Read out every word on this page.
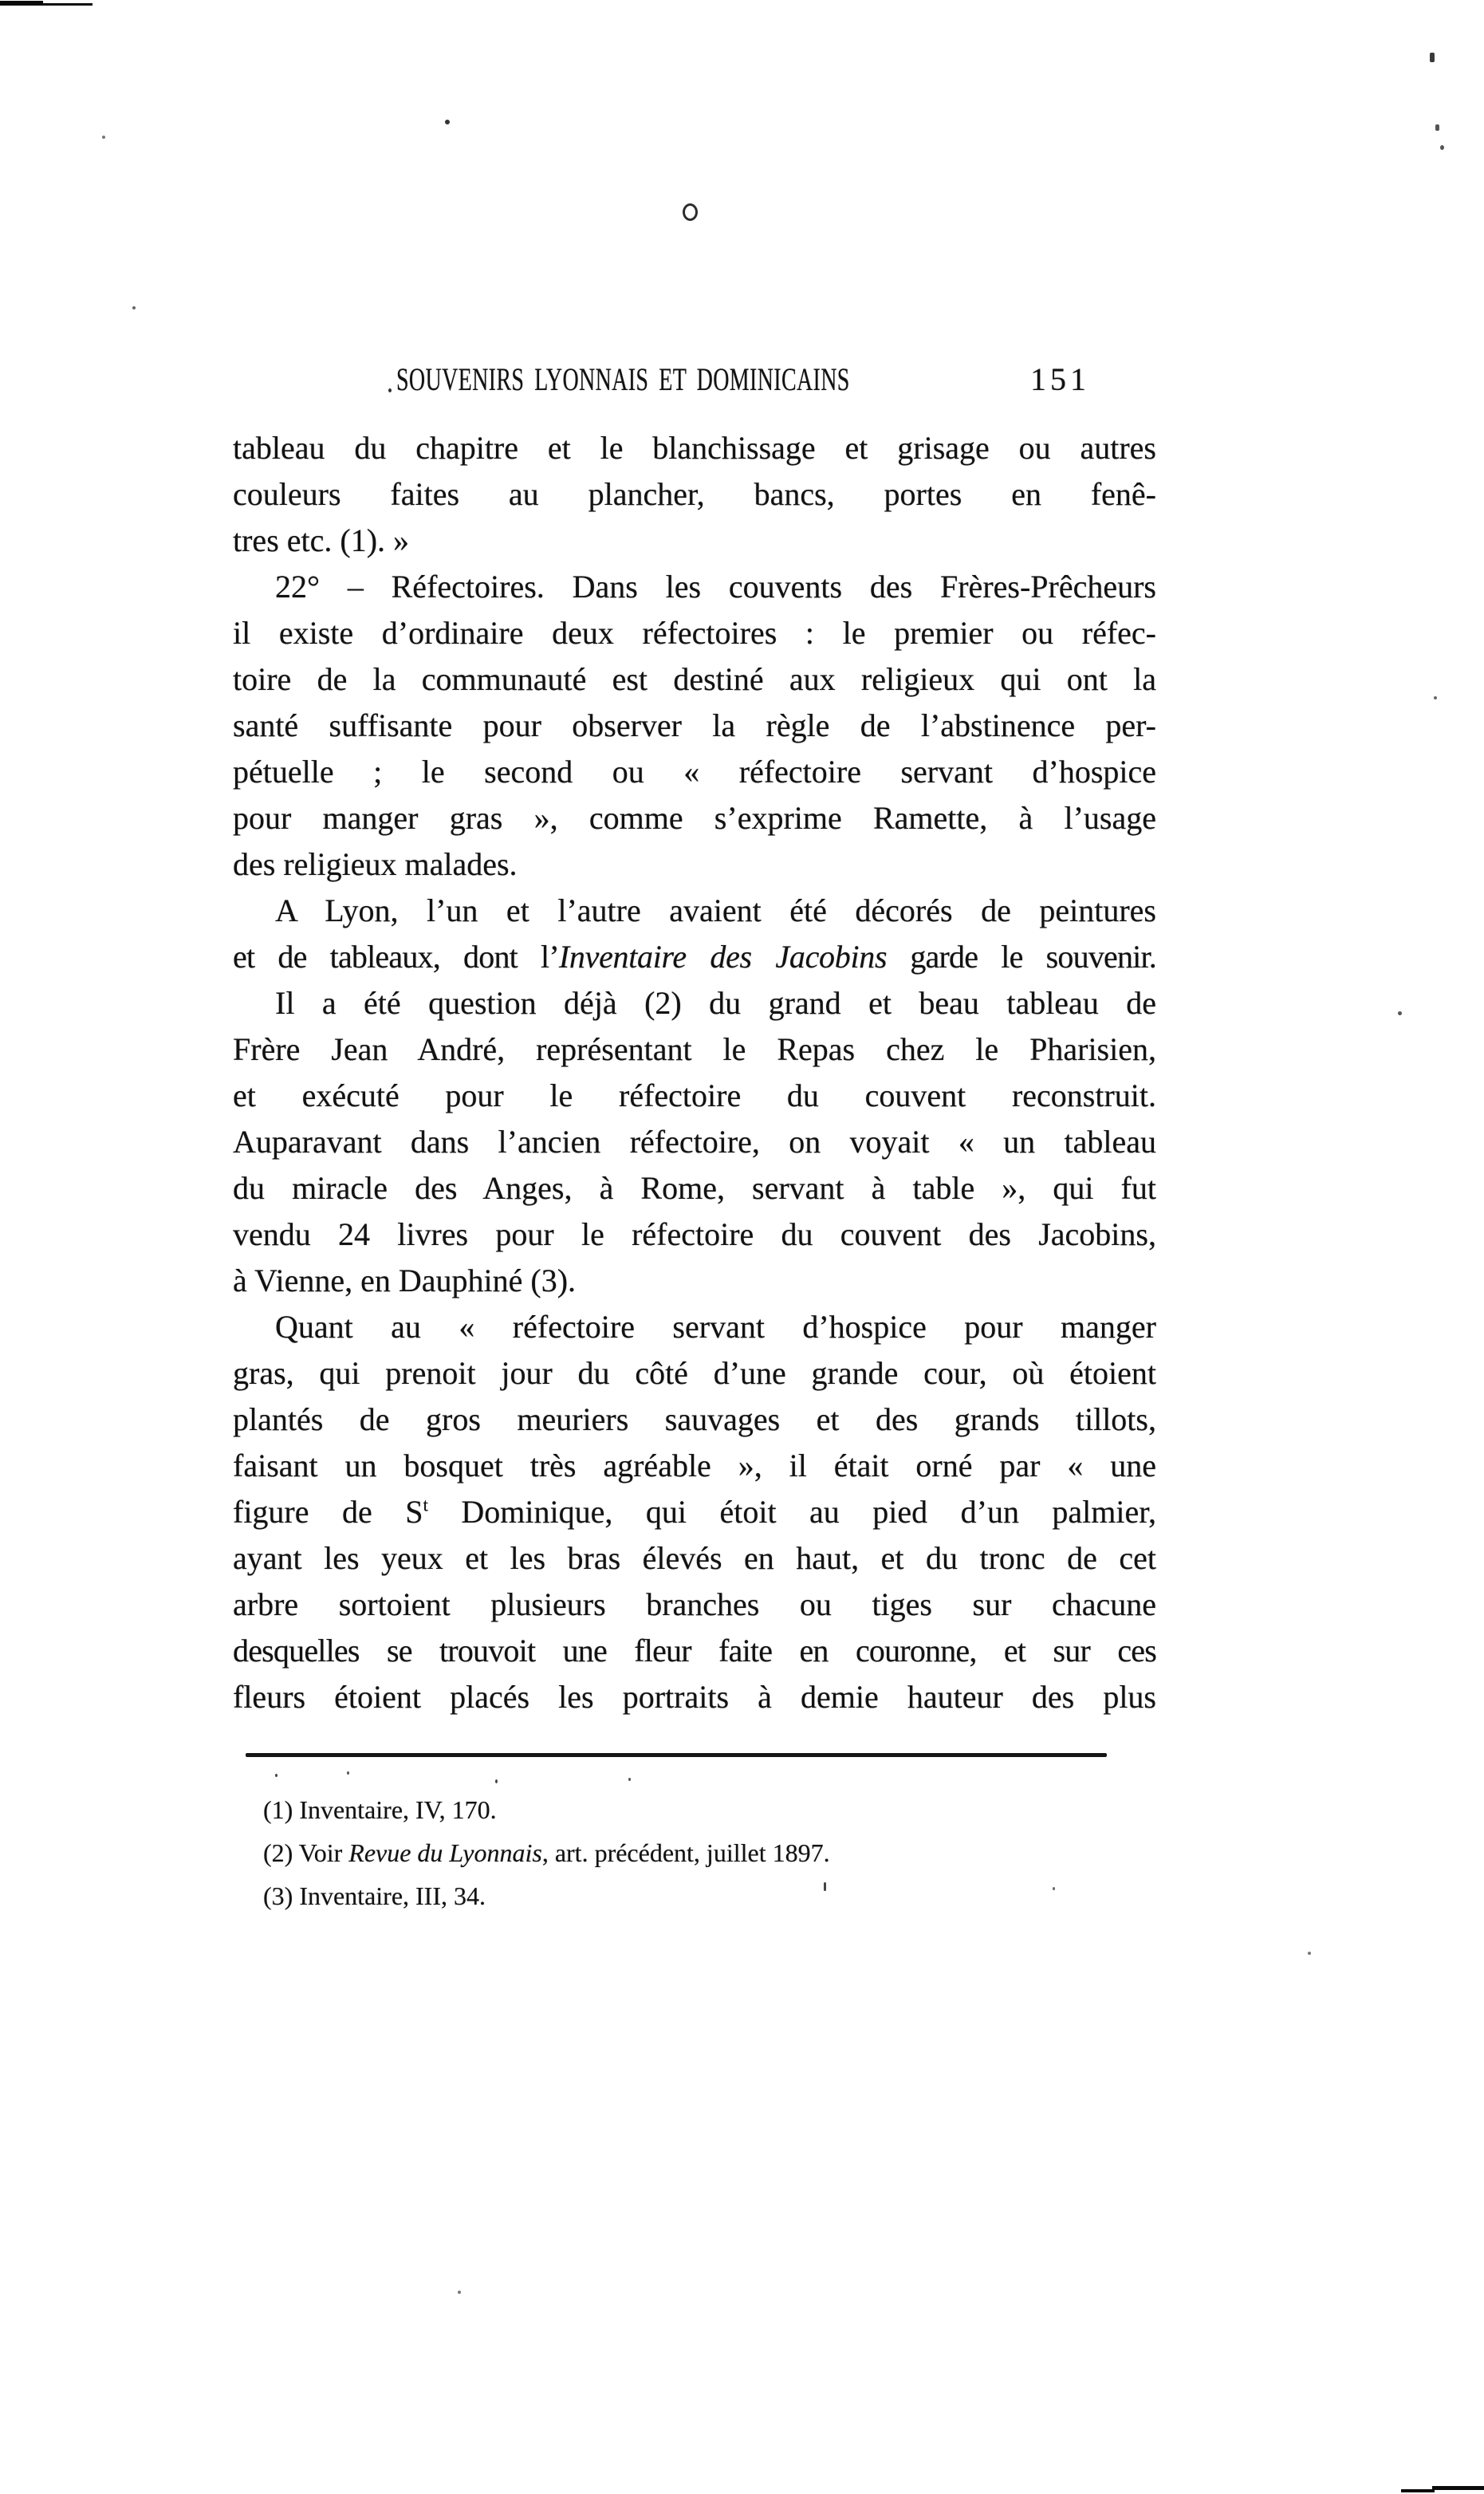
SOUVENIRS LYONNAIS ET DOMINICAINS	151
tableau du chapitre et le blanchissage et grisage ou autres
couleurs faites au plancher, bancs, portes en fenê-
tres etc. (1). »
22° – Réfectoires. Dans les couvents des Frères-Prêcheurs
il existe d’ordinaire deux réfectoires : le premier ou réfec-
toire de la communauté est destiné aux religieux qui ont la
santé suffisante pour observer la règle de l’abstinence per-
pétuelle ; le second ou « réfectoire servant d’hospice
pour manger gras », comme s’exprime Ramette, à l’usage
des religieux malades.
A Lyon, l’un et l’autre avaient été décorés de peintures
et de tableaux, dont l’Inventaire des Jacobins garde le souvenir.
Il a été question déjà (2) du grand et beau tableau de
Frère Jean André, représentant le Repas chez le Pharisien,
et exécuté pour le réfectoire du couvent reconstruit.
Auparavant dans l’ancien réfectoire, on voyait « un tableau
du miracle des Anges, à Rome, servant à table », qui fut
vendu 24 livres pour le réfectoire du couvent des Jacobins,
à Vienne, en Dauphiné (3).
Quant au « réfectoire servant d’hospice pour manger
gras, qui prenoit jour du côté d’une grande cour, où étoient
plantés de gros meuriers sauvages et des grands tillots,
faisant un bosquet très agréable », il était orné par « une
figure de $S^t$ Dominique, qui étoit au pied d’un palmier,
ayant les yeux et les bras élevés en haut, et du tronc de cet
arbre sortoient plusieurs branches ou tiges sur chacune
desquelles se trouvoit une fleur faite en couronne, et sur ces
fleurs étoient placés les portraits à demie hauteur des plus
(1) Inventaire, IV, 170.
(2) Voir Revue du Lyonnais, art. précédent, juillet 1897.
(3) Inventaire, III, 34.
